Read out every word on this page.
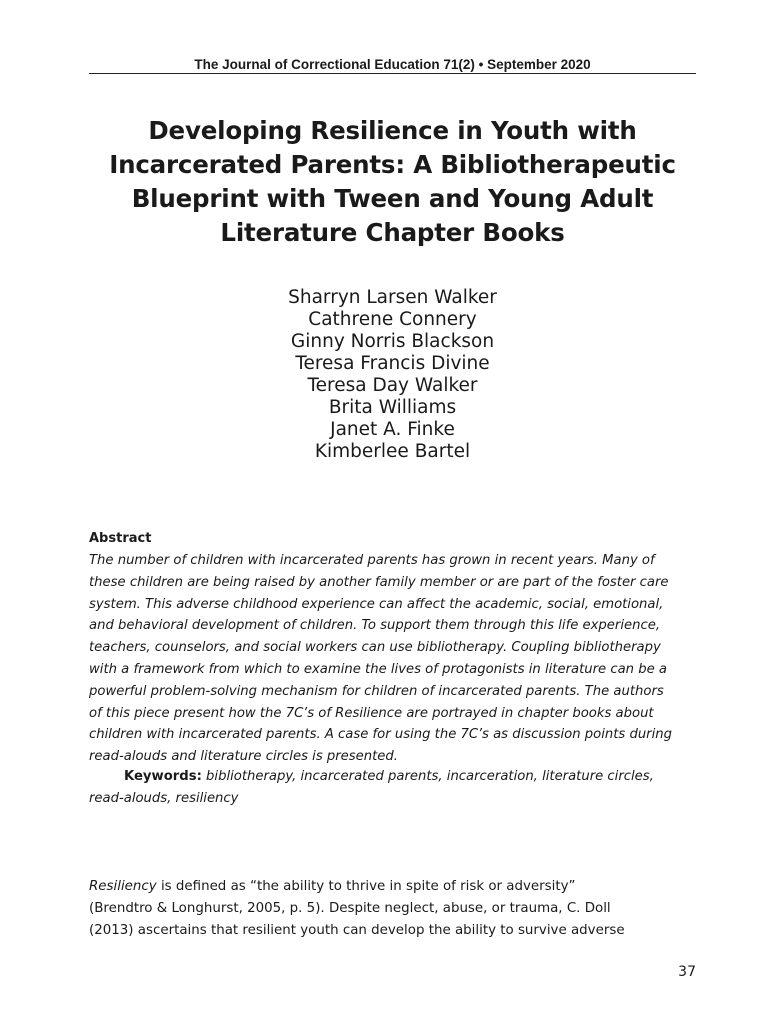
The Journal of Correctional Education 71(2) • September 2020
Developing Resilience in Youth with
Incarcerated Parents: A Bibliotherapeutic
Blueprint with Tween and Young Adult
Literature Chapter Books
Sharryn Larsen Walker
Cathrene Connery
Ginny Norris Blackson
Teresa Francis Divine
Teresa Day Walker
Brita Williams
Janet A. Finke
Kimberlee Bartel
Abstract
The number of children with incarcerated parents has grown in recent years. Many of
these children are being raised by another family member or are part of the foster care
system. This adverse childhood experience can affect the academic, social, emotional,
and behavioral development of children. To support them through this life experience,
teachers, counselors, and social workers can use bibliotherapy. Coupling bibliotherapy
with a framework from which to examine the lives of protagonists in literature can be a
powerful problem-solving mechanism for children of incarcerated parents. The authors
of this piece present how the 7C’s of Resilience are portrayed in chapter books about
children with incarcerated parents. A case for using the 7C’s as discussion points during
read-alouds and literature circles is presented.
Keywords: bibliotherapy, incarcerated parents, incarceration, literature circles,
read-alouds, resiliency
Resiliency is defined as “the ability to thrive in spite of risk or adversity”
(Brendtro & Longhurst, 2005, p. 5). Despite neglect, abuse, or trauma, C. Doll
(2013) ascertains that resilient youth can develop the ability to survive adverse
37
